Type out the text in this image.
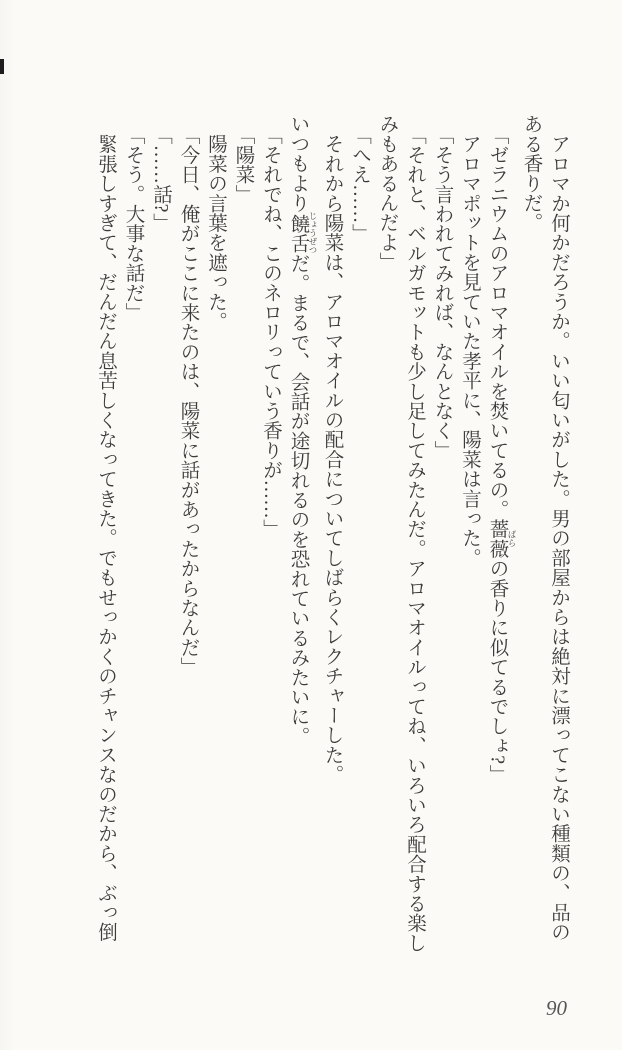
アロマか何かだろうか。いい匂いがした。男の部屋からは絶対に漂ってこない種類の、品の

ある香りだ。

「ゼラニウムのアロマオイルを焚いてるの。薔薇 ばらの香りに似てるでしょ?」

アロマポットを見ていた孝平に、陽菜は言った。

「そう言われてみれば、なんとなく」

「それと、ベルガモットも少し足してみたんだ。アロマオイルってね、いろいろ配合する楽し

みもあるんだよ」

「へえ……」

それから陽菜は、アロマオイルの配合についてしばらくレクチャーした。

いつもより饒舌 じょうぜつだ。まるで、会話が途切れるのを恐れているみたいに。

「それでね、このネロリっていう香りが……」

「陽菜」

陽菜の言葉を遮った。

「今日、俺がここに来たのは、陽菜に話があったからなんだ」

「……話?」

「そう。大事な話だ」

緊張しすぎて、だんだん息苦しくなってきた。でもせっかくのチャンスなのだから、ぶっ倒

90
